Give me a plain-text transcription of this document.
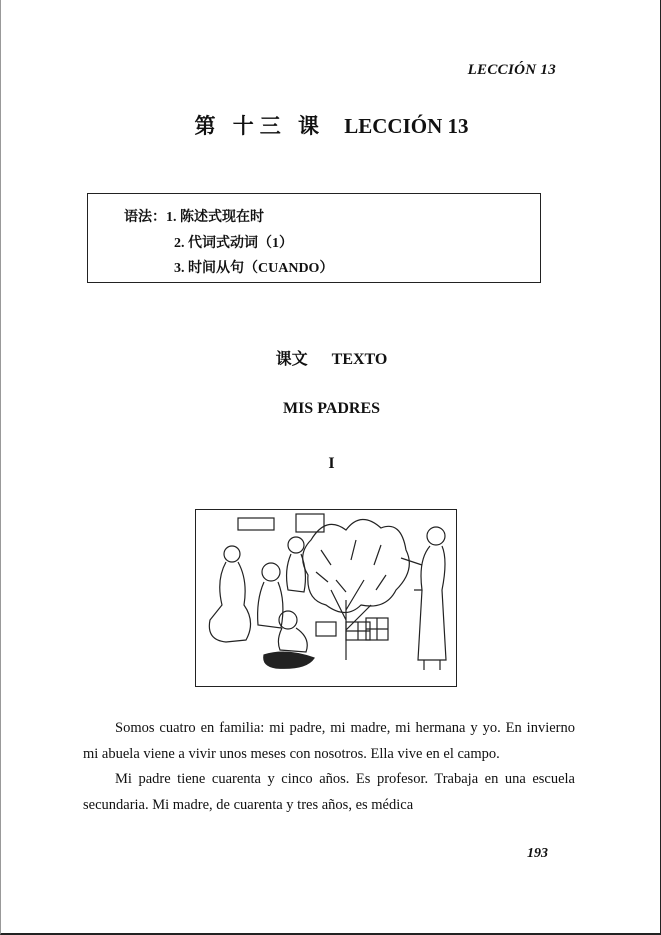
LECCIÓN 13
第 十三 课 LECCIÓN 13
语法：1. 陈述式现在时
2. 代词式动词（1）
3. 时间从句（CUANDO）
课文 TEXTO
MIS PADRES
I

Somos cuatro en familia: mi padre, mi madre, mi hermana y yo. En invierno mi abuela viene a vivir unos meses con nosotros. Ella vive en el campo.

Mi padre tiene cuarenta y cinco años. Es profesor. Trabaja en una escuela secundaria. Mi madre, de cuarenta y tres años, es médica

193
